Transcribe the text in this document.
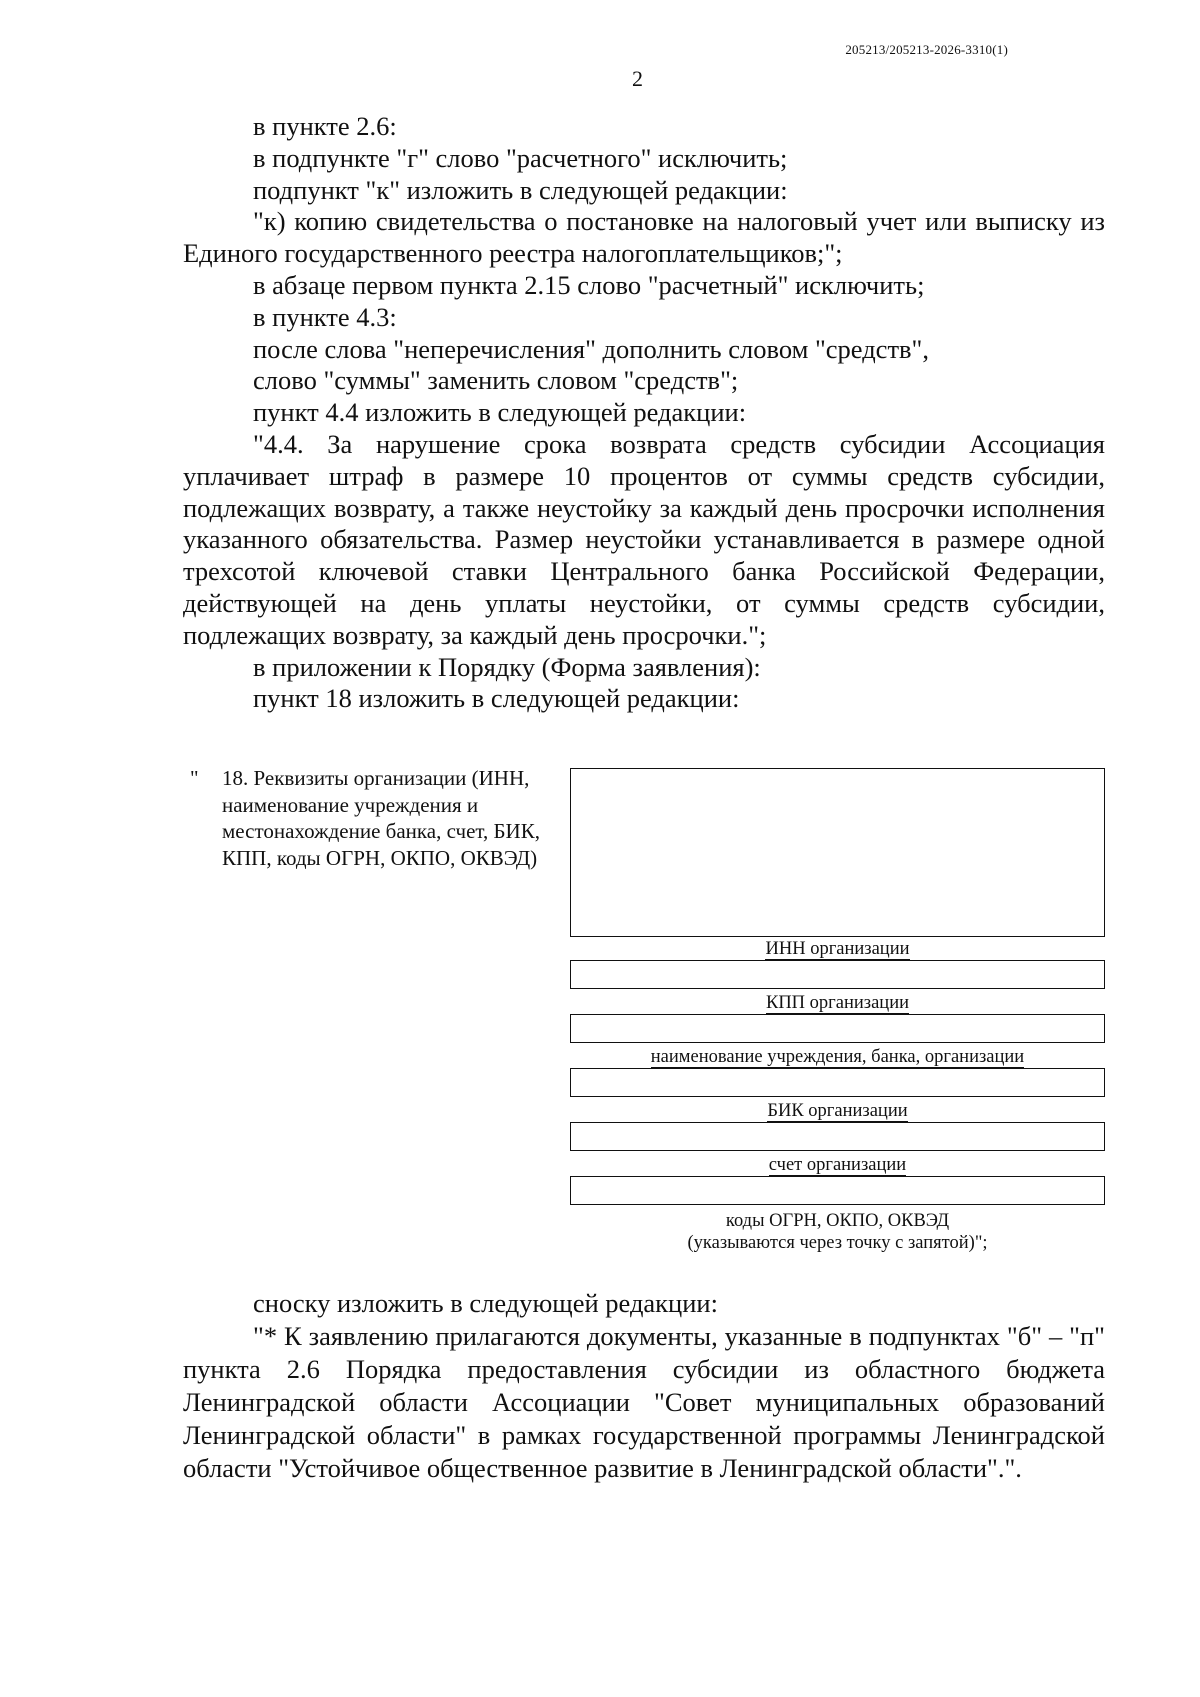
205213/205213-2026-3310(1)
2

в пункте 2.6:

в подпункте "г" слово "расчетного" исключить;

подпункт "к" изложить в следующей редакции:

"к) копию свидетельства о постановке на налоговый учет или выписку из Единого государственного реестра налогоплательщиков;";

в абзаце первом пункта 2.15 слово "расчетный" исключить;

в пункте 4.3:

после слова "неперечисления" дополнить словом "средств",

слово "суммы" заменить словом "средств";

пункт 4.4 изложить в следующей редакции:

"4.4. За нарушение срока возврата средств субсидии Ассоциация уплачивает штраф в размере 10 процентов от суммы средств субсидии, подлежащих возврату, а также неустойку за каждый день просрочки исполнения указанного обязательства. Размер неустойки устанавливается в размере одной трехсотой ключевой ставки Центрального банка Российской Федерации, действующей на день уплаты неустойки, от суммы средств субсидии, подлежащих возврату, за каждый день просрочки.";

в приложении к Порядку (Форма заявления):

пункт 18 изложить в следующей редакции:

" 18. Реквизиты организации (ИНН, наименование учреждения и местонахождение банка, счет, БИК, КПП, коды ОГРН, ОКПО, ОКВЭД)
ИНН организации
КПП организации
наименование учреждения, банка, организации
БИК организации
счет организации
коды ОГРН, ОКПО, ОКВЭД
(указываются через точку с запятой)";

сноску изложить в следующей редакции:

"* К заявлению прилагаются документы, указанные в подпунктах "б" – "п" пункта 2.6 Порядка предоставления субсидии из областного бюджета Ленинградской области Ассоциации "Совет муниципальных образований Ленинградской области" в рамках государственной программы Ленинградской области "Устойчивое общественное развитие в Ленинградской области".".
